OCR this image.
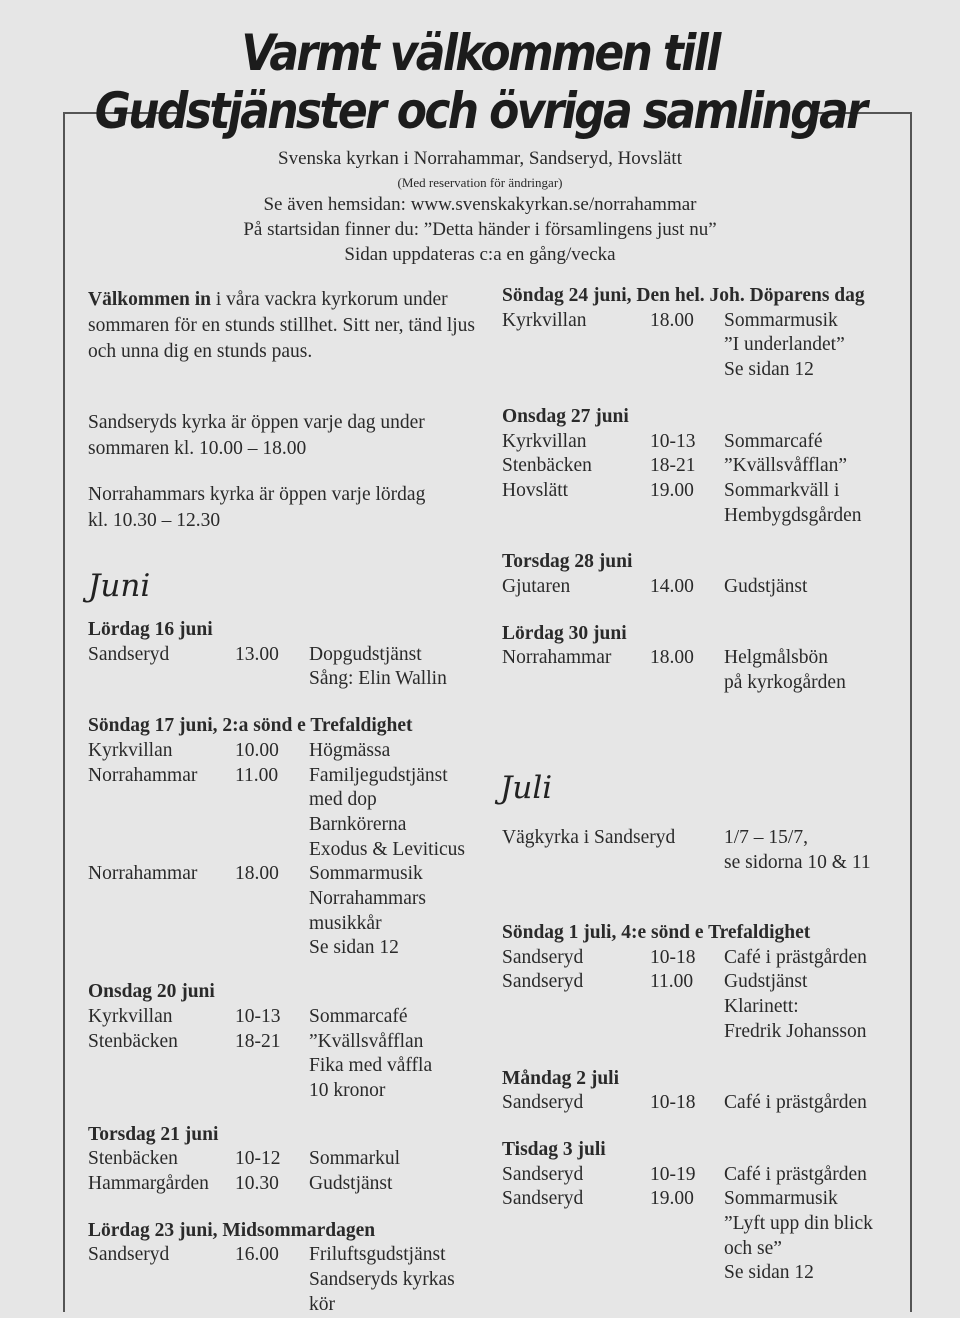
Varmt välkommen till
Gudstjänster och övriga samlingar
Svenska kyrkan i Norrahammar, Sandseryd, Hovslätt
(Med reservation för ändringar)
Se även hemsidan: www.svenskakyrkan.se/norrahammar
På startsidan finner du: ”Detta händer i församlingens just nu”
Sidan uppdateras c:a en gång/vecka
Välkommen in i våra vackra kyrkorum under sommaren för en stunds stillhet. Sitt ner, tänd ljus och unna dig en stunds paus.
Sandseryds kyrka är öppen varje dag under sommaren kl. 10.00 – 18.00
Norrahammars kyrka är öppen varje lördag kl. 10.30 – 12.30
Juni
Juli
Lördag 16 juni
Sandseryd	13.00	Dopgudstjänst
Sång: Elin Wallin
Söndag 17 juni, 2:a sönd e Trefaldighet
Kyrkvillan	10.00	Högmässa
Norrahammar	11.00	Familjegudstjänst
med dop
Barnkörerna
Exodus & Leviticus
Norrahammar	18.00	Sommarmusik
Norrahammars
musikkår
Se sidan 12
Onsdag 20 juni
Kyrkvillan	10-13	Sommarcafé
Stenbäcken	18-21	”Kvällsvåfflan
Fika med våffla
10 kronor
Torsdag 21 juni
Stenbäcken	10-12	Sommarkul
Hammargården	10.30	Gudstjänst
Lördag 23 juni, Midsommardagen
Sandseryd	16.00	Friluftsgudstjänst
Sandseryds kyrkas
kör
Söndag 24 juni, Den hel. Joh. Döparens dag
Kyrkvillan	18.00	Sommarmusik
”I underlandet”
Se sidan 12
Onsdag 27 juni
Kyrkvillan	10-13	Sommarcafé
Stenbäcken	18-21	”Kvällsvåfflan”
Hovslätt	19.00	Sommarkväll i
Hembygdsgården
Torsdag 28 juni
Gjutaren	14.00	Gudstjänst
Lördag 30 juni
Norrahammar	18.00	Helgmålsbön
på kyrkogården
Vägkyrka i Sandseryd	1/7 – 15/7,
se sidorna 10 & 11
Söndag 1 juli, 4:e sönd e Trefaldighet
Sandseryd	10-18	Café i prästgården
Sandseryd	11.00	Gudstjänst
Klarinett:
Fredrik Johansson
Måndag 2 juli
Sandseryd	10-18	Café i prästgården
Tisdag 3 juli
Sandseryd	10-19	Café i prästgården
Sandseryd	19.00	Sommarmusik
”Lyft upp din blick
och se”
Se sidan 12
